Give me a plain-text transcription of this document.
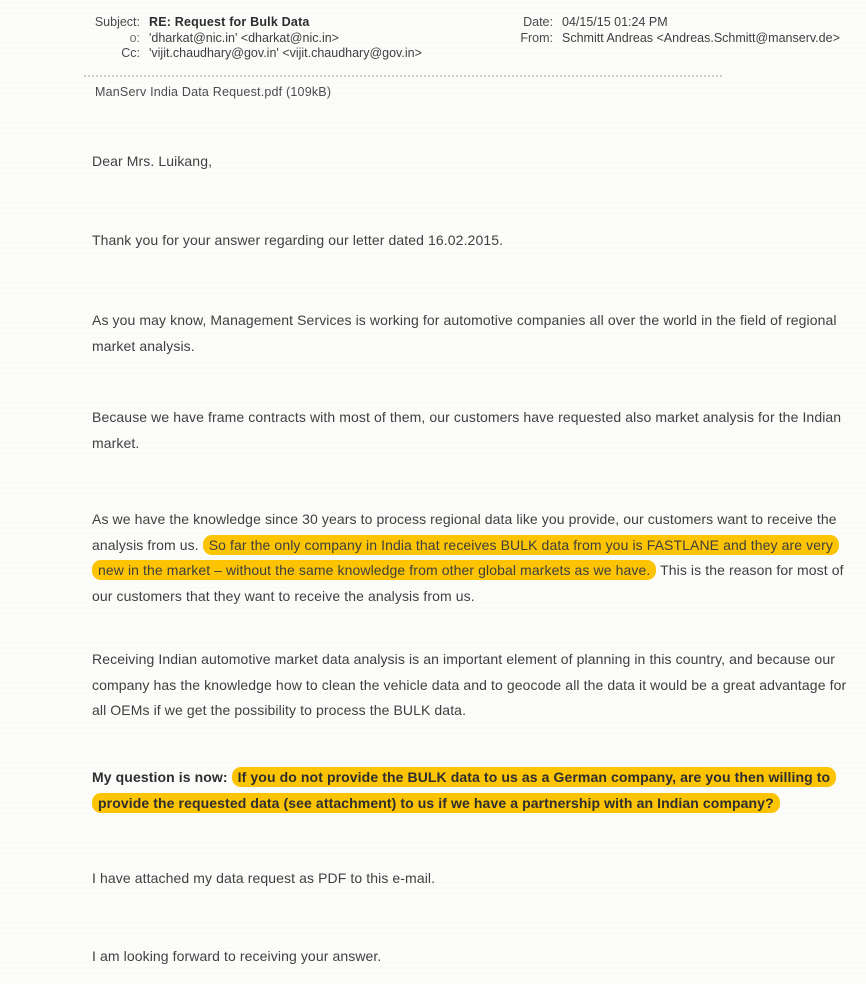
Subject: RE: Request for Bulk Data
o: 'dharkat@nic.in' <dharkat@nic.in>
Cc: 'vijit.chaudhary@gov.in' <vijit.chaudhary@gov.in>
Date: 04/15/15 01:24 PM
From: Schmitt Andreas <Andreas.Schmitt@manserv.de>
ManServ India Data Request.pdf (109kB)

Dear Mrs. Luikang,

Thank you for your answer regarding our letter dated 16.02.2015.

As you may know, Management Services is working for automotive companies all over the world in the field of regional market analysis.

Because we have frame contracts with most of them, our customers have requested also market analysis for the Indian market.

As we have the knowledge since 30 years to process regional data like you provide, our customers want to receive the analysis from us. So far the only company in India that receives BULK data from you is FASTLANE and they are very new in the market – without the same knowledge from other global markets as we have. This is the reason for most of our customers that they want to receive the analysis from us.

Receiving Indian automotive market data analysis is an important element of planning in this country, and because our company has the knowledge how to clean the vehicle data and to geocode all the data it would be a great advantage for all OEMs if we get the possibility to process the BULK data.

My question is now: If you do not provide the BULK data to us as a German company, are you then willing to provide the requested data (see attachment) to us if we have a partnership with an Indian company?

I have attached my data request as PDF to this e-mail.

I am looking forward to receiving your answer.
